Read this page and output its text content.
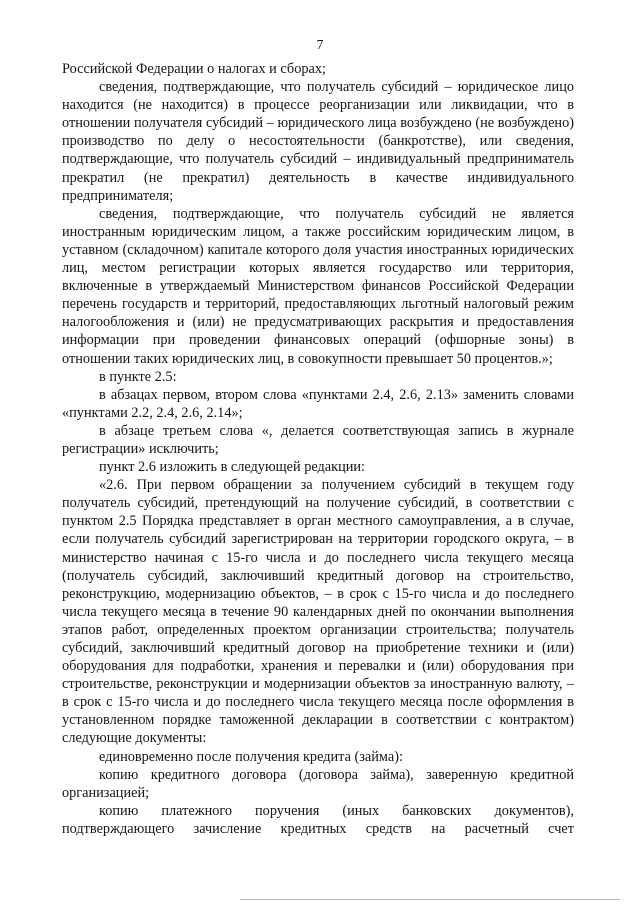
7

Российской Федерации о налогах и сборах;

сведения, подтверждающие, что получатель субсидий – юридическое лицо находится (не находится) в процессе реорганизации или ликвидации, что в отношении получателя субсидий – юридического лица возбуждено (не возбуждено) производство по делу о несостоятельности (банкротстве), или сведения, подтверждающие, что получатель субсидий – индивидуальный предприниматель прекратил (не прекратил) деятельность в качестве индивидуального предпринимателя;

сведения, подтверждающие, что получатель субсидий не является иностранным юридическим лицом, а также российским юридическим лицом, в уставном (складочном) капитале которого доля участия иностранных юридических лиц, местом регистрации которых является государство или территория, включенные в утверждаемый Министерством финансов Российской Федерации перечень государств и территорий, предоставляющих льготный налоговый режим налогообложения и (или) не предусматривающих раскрытия и предоставления информации при проведении финансовых операций (офшорные зоны) в отношении таких юридических лиц, в совокупности превышает 50 процентов.»;

в пункте 2.5:

в абзацах первом, втором слова «пунктами 2.4, 2.6, 2.13» заменить словами «пунктами 2.2, 2.4, 2.6, 2.14»;

в абзаце третьем слова «, делается соответствующая запись в журнале регистрации» исключить;

пункт 2.6 изложить в следующей редакции:

«2.6. При первом обращении за получением субсидий в текущем году получатель субсидий, претендующий на получение субсидий, в соответствии с пунктом 2.5 Порядка представляет в орган местного самоуправления, а в случае, если получатель субсидий зарегистрирован на территории городского округа, – в министерство начиная с 15-го числа и до последнего числа текущего месяца (получатель субсидий, заключивший кредитный договор на строительство, реконструкцию, модернизацию объектов, – в срок с 15-го числа и до последнего числа текущего месяца в течение 90 календарных дней по окончании выполнения этапов работ, определенных проектом организации строительства; получатель субсидий, заключивший кредитный договор на приобретение техники и (или) оборудования для подработки, хранения и перевалки и (или) оборудования при строительстве, реконструкции и модернизации объектов за иностранную валюту, – в срок с 15-го числа и до последнего числа текущего месяца после оформления в установленном порядке таможенной декларации в соответствии с контрактом) следующие документы:

единовременно после получения кредита (займа):

копию кредитного договора (договора займа), заверенную кредитной организацией;

копию платежного поручения (иных банковских документов), подтверждающего зачисление кредитных средств на расчетный счет
